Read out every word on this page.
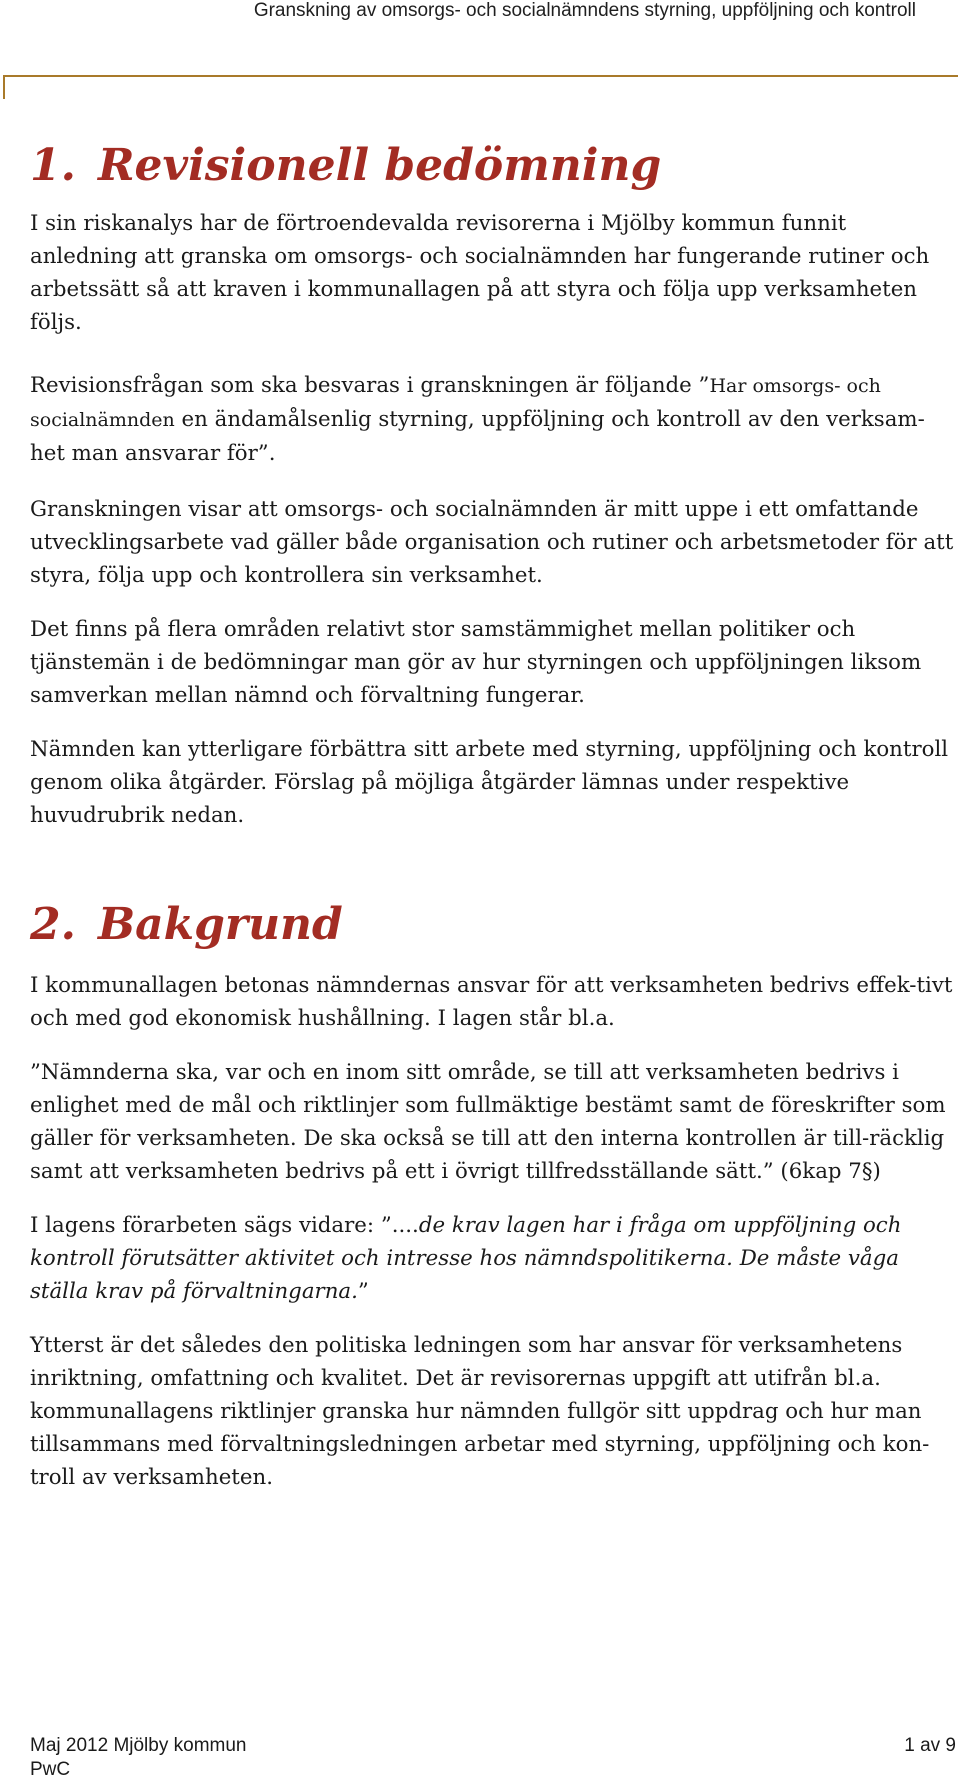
Granskning av omsorgs- och socialnämndens styrning, uppföljning och kontroll
1. Revisionell bedömning

I sin riskanalys har de förtroendevalda revisorerna i Mjölby kommun funnit anledning att granska om omsorgs- och socialnämnden har fungerande rutiner och arbetssätt så att kraven i kommunallagen på att styra och följa upp verksamheten följs.

Revisionsfrågan som ska besvaras i granskningen är följande ”Har omsorgs- och socialnämnden en ändamålsenlig styrning, uppföljning och kontroll av den verksam-het man ansvarar för”.

Granskningen visar att omsorgs- och socialnämnden är mitt uppe i ett omfattande utvecklingsarbete vad gäller både organisation och rutiner och arbetsmetoder för att styra, följa upp och kontrollera sin verksamhet.

Det finns på flera områden relativt stor samstämmighet mellan politiker och tjänstemän i de bedömningar man gör av hur styrningen och uppföljningen liksom samverkan mellan nämnd och förvaltning fungerar.

Nämnden kan ytterligare förbättra sitt arbete med styrning, uppföljning och kontroll genom olika åtgärder. Förslag på möjliga åtgärder lämnas under respektive huvudrubrik nedan.

2. Bakgrund

I kommunallagen betonas nämndernas ansvar för att verksamheten bedrivs effek-tivt och med god ekonomisk hushållning. I lagen står bl.a.

”Nämnderna ska, var och en inom sitt område, se till att verksamheten bedrivs i enlighet med de mål och riktlinjer som fullmäktige bestämt samt de föreskrifter som gäller för verksamheten. De ska också se till att den interna kontrollen är till-räcklig samt att verksamheten bedrivs på ett i övrigt tillfredsställande sätt.” (6kap 7§)

I lagens förarbeten sägs vidare: ”....de krav lagen har i fråga om uppföljning och kontroll förutsätter aktivitet och intresse hos nämndspolitikerna. De måste våga ställa krav på förvaltningarna.”

Ytterst är det således den politiska ledningen som har ansvar för verksamhetens inriktning, omfattning och kvalitet. Det är revisorernas uppgift att utifrån bl.a. kommunallagens riktlinjer granska hur nämnden fullgör sitt uppdrag och hur man tillsammans med förvaltningsledningen arbetar med styrning, uppföljning och kon-troll av verksamheten.

Maj 2012 Mjölby kommun
PwC
1 av 9
